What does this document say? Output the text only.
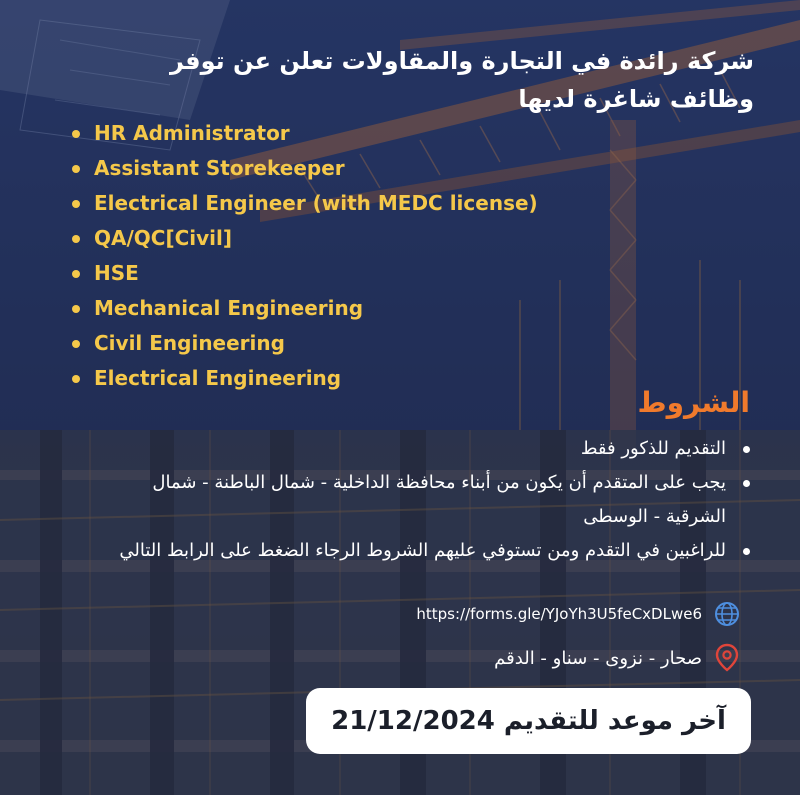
شركة رائدة في التجارة والمقاولات تعلن عن توفر وظائف شاغرة لديها
HR Administrator
Assistant Storekeeper
Electrical Engineer (with MEDC license)
QA/QC[Civil]
HSE
Mechanical Engineering
Civil Engineering
Electrical Engineering
الشروط
التقديم للذكور فقط
يجب على المتقدم أن يكون من أبناء محافظة الداخلية - شمال الباطنة - شمال الشرقية - الوسطى
للراغبين في التقدم ومن تستوفي عليهم الشروط الرجاء الضغط على الرابط التالي
https://forms.gle/YJoYh3U5feCxDLwe6
صحار - نزوى - سناو - الدقم
آخر موعد للتقديم 21/12/2024
